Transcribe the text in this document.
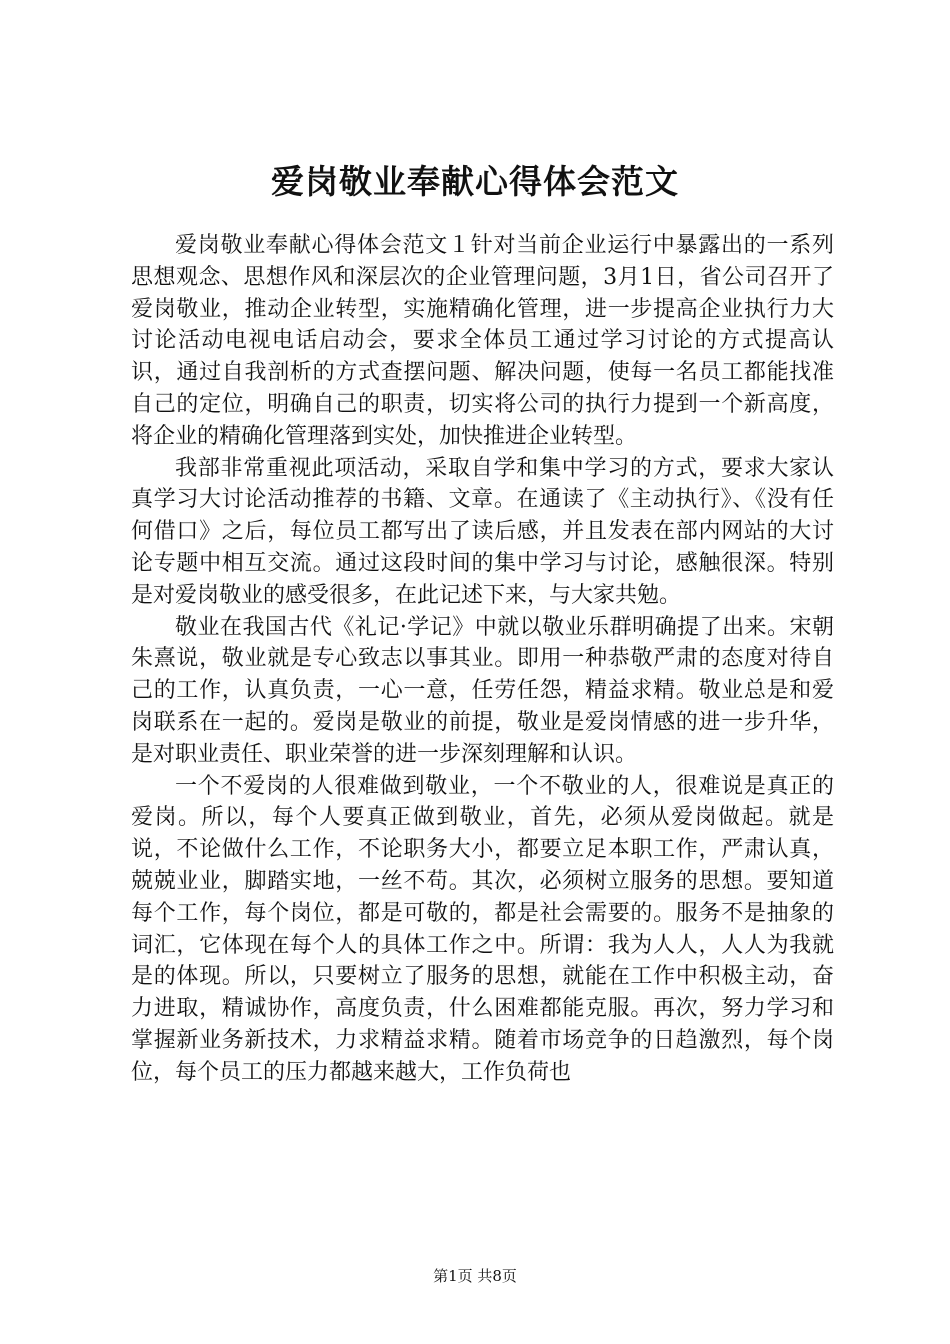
爱岗敬业奉献心得体会范文

爱岗敬业奉献心得体会范文１针对当前企业运行中暴露出的一系列思想观念、思想作风和深层次的企业管理问题，3月1日，省公司召开了爱岗敬业，推动企业转型，实施精确化管理，进一步提高企业执行力大讨论活动电视电话启动会，要求全体员工通过学习讨论的方式提高认识，通过自我剖析的方式查摆问题、解决问题，使每一名员工都能找准自己的定位，明确自己的职责，切实将公司的执行力提到一个新高度，将企业的精确化管理落到实处，加快推进企业转型。

我部非常重视此项活动，采取自学和集中学习的方式，要求大家认真学习大讨论活动推荐的书籍、文章。在通读了《主动执行》、《没有任何借口》之后，每位员工都写出了读后感，并且发表在部内网站的大讨论专题中相互交流。通过这段时间的集中学习与讨论，感触很深。特别是对爱岗敬业的感受很多，在此记述下来，与大家共勉。

敬业在我国古代《礼记·学记》中就以敬业乐群明确提了出来。宋朝朱熹说，敬业就是专心致志以事其业。即用一种恭敬严肃的态度对待自己的工作，认真负责，一心一意，任劳任怨，精益求精。敬业总是和爱岗联系在一起的。爱岗是敬业的前提，敬业是爱岗情感的进一步升华，是对职业责任、职业荣誉的进一步深刻理解和认识。

一个不爱岗的人很难做到敬业，一个不敬业的人，很难说是真正的爱岗。所以，每个人要真正做到敬业，首先，必须从爱岗做起。就是说，不论做什么工作，不论职务大小，都要立足本职工作，严肃认真，兢兢业业，脚踏实地，一丝不苟。其次，必须树立服务的思想。要知道每个工作，每个岗位，都是可敬的，都是社会需要的。服务不是抽象的词汇，它体现在每个人的具体工作之中。所谓：我为人人，人人为我就是的体现。所以，只要树立了服务的思想，就能在工作中积极主动，奋力进取，精诚协作，高度负责，什么困难都能克服。再次，努力学习和掌握新业务新技术，力求精益求精。随着市场竞争的日趋激烈，每个岗位，每个员工的压力都越来越大，工作负荷也

第1页 共8页
